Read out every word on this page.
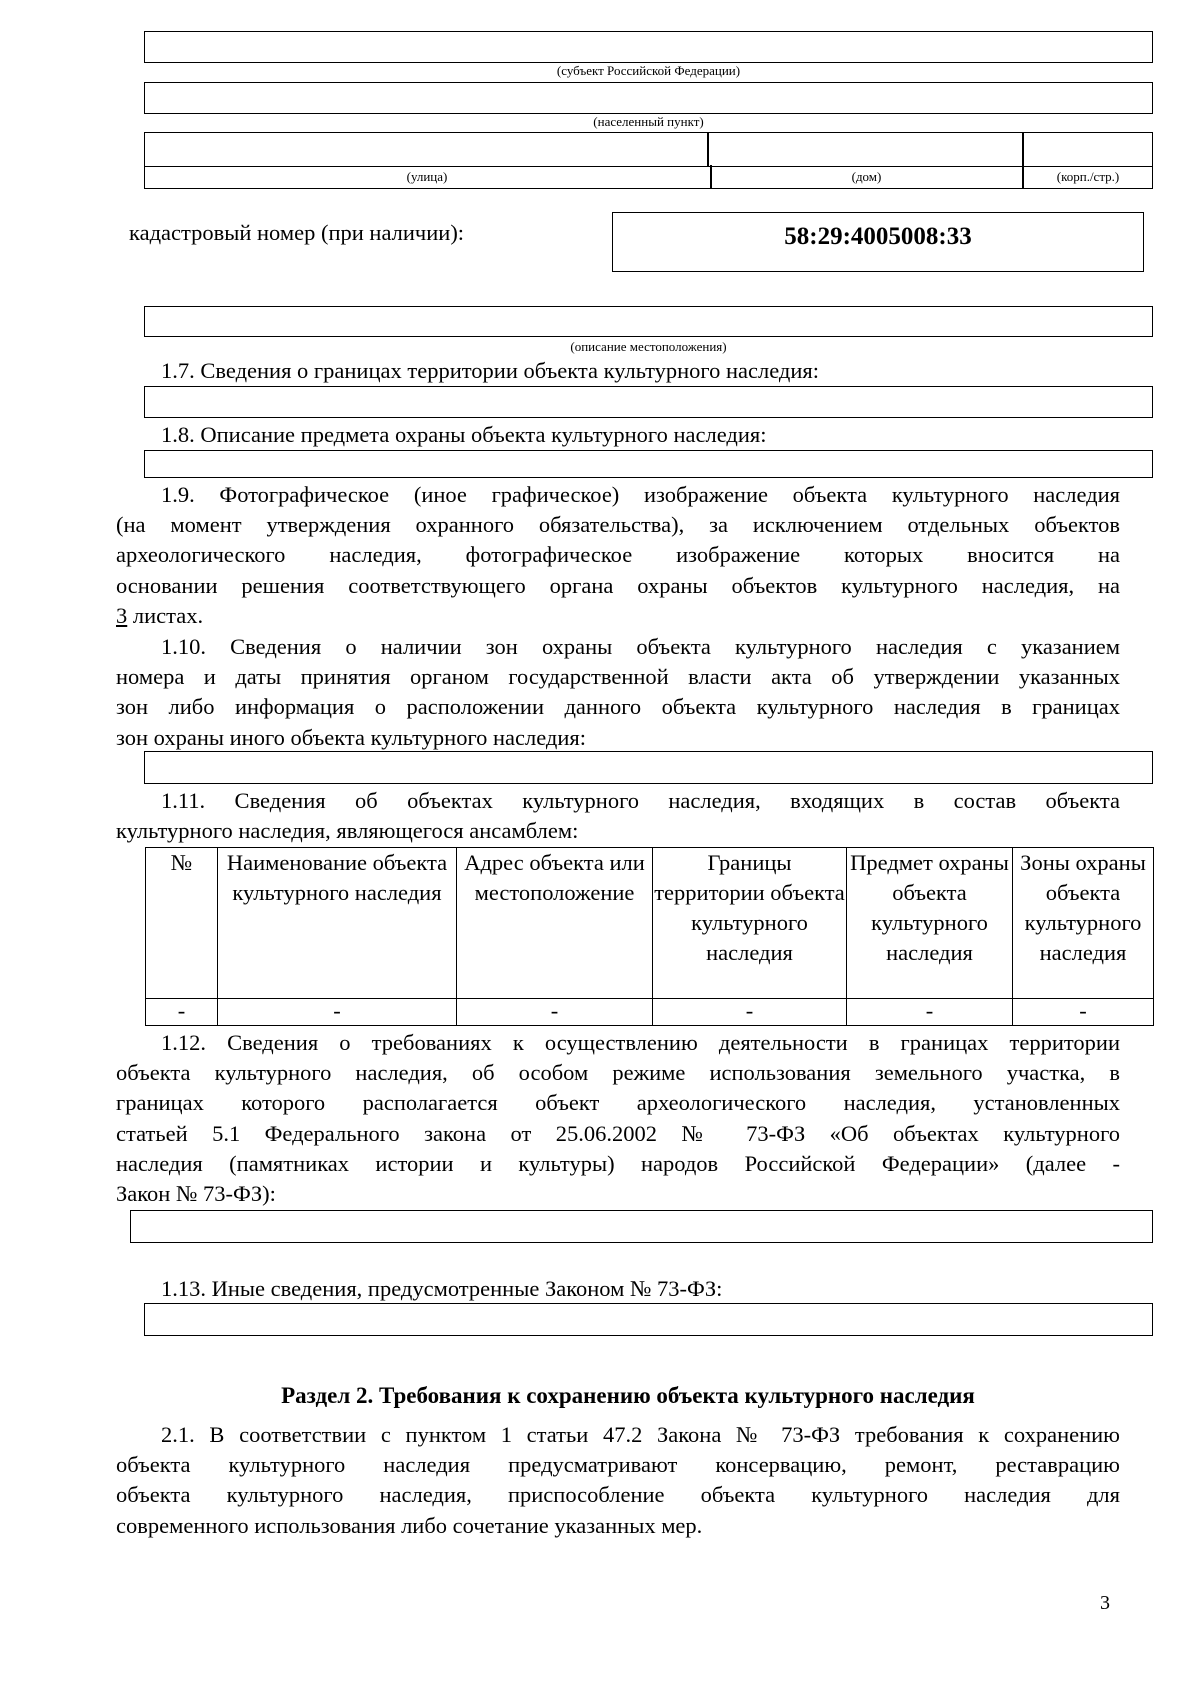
(субъект Российской Федерации)
(населенный пункт)
(улица)	(дом)	(корп./стр.)
кадастровый номер (при наличии):	58:29:4005008:33
(описание местоположения)
1.7. Сведения о границах территории объекта культурного наследия:
1.8. Описание предмета охраны объекта культурного наследия:
1.9. Фотографическое (иное графическое) изображение объекта культурного наследия
(на момент утверждения охранного обязательства), за исключением отдельных объектов
археологического наследия, фотографическое изображение которых вносится на
основании решения соответствующего органа охраны объектов культурного наследия, на
3 листах.
1.10. Сведения о наличии зон охраны объекта культурного наследия с указанием
номера и даты принятия органом государственной власти акта об утверждении указанных
зон либо информация о расположении данного объекта культурного наследия в границах
зон охраны иного объекта культурного наследия:
1.11. Сведения об объектах культурного наследия, входящих в состав объекта
культурного наследия, являющегося ансамблем:
№	Наименование объекта культурного наследия	Адрес объекта или местоположение	Границы территории объекта культурного наследия	Предмет охраны объекта культурного наследия	Зоны охраны объекта культурного наследия
-	-	-	-	-	-
1.12. Сведения о требованиях к осуществлению деятельности в границах территории
объекта культурного наследия, об особом режиме использования земельного участка, в
границах которого располагается объект археологического наследия, установленных
статьей 5.1 Федерального закона от 25.06.2002 № 73-ФЗ «Об объектах культурного
наследия (памятниках истории и культуры) народов Российской Федерации» (далее -
Закон № 73-ФЗ):
1.13. Иные сведения, предусмотренные Законом № 73-ФЗ:
Раздел 2. Требования к сохранению объекта культурного наследия
2.1. В соответствии с пунктом 1 статьи 47.2 Закона № 73-ФЗ требования к сохранению
объекта культурного наследия предусматривают консервацию, ремонт, реставрацию
объекта культурного наследия, приспособление объекта культурного наследия для
современного использования либо сочетание указанных мер.
3
